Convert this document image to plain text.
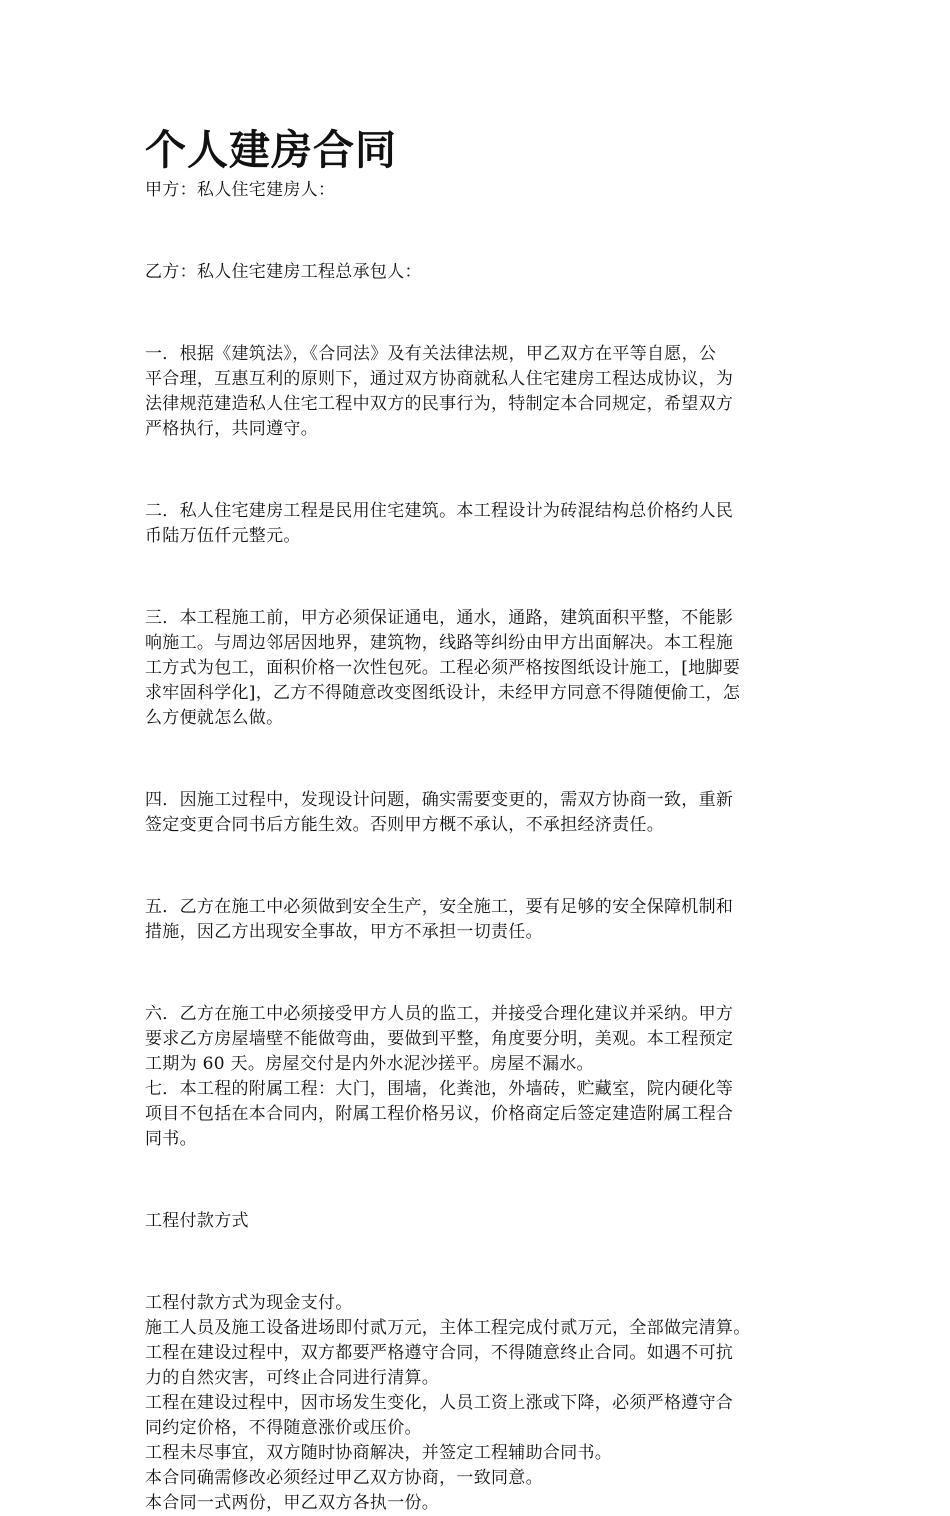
个人建房合同

甲方：私人住宅建房人：

乙方：私人住宅建房工程总承包人：

一．根据《建筑法》，《合同法》及有关法律法规，甲乙双方在平等自愿，公

平合理，互惠互利的原则下，通过双方协商就私人住宅建房工程达成协议，为

法律规范建造私人住宅工程中双方的民事行为，特制定本合同规定，希望双方

严格执行，共同遵守。

二．私人住宅建房工程是民用住宅建筑。本工程设计为砖混结构总价格约人民

币陆万伍仟元整元。

三．本工程施工前，甲方必须保证通电，通水，通路，建筑面积平整，不能影

响施工。与周边邻居因地界，建筑物，线路等纠纷由甲方出面解决。本工程施

工方式为包工，面积价格一次性包死。工程必须严格按图纸设计施工，[地脚要

求牢固科学化]，乙方不得随意改变图纸设计，未经甲方同意不得随便偷工，怎

么方便就怎么做。

四．因施工过程中，发现设计问题，确实需要变更的，需双方协商一致，重新

签定变更合同书后方能生效。否则甲方概不承认，不承担经济责任。

五．乙方在施工中必须做到安全生产，安全施工，要有足够的安全保障机制和

措施，因乙方出现安全事故，甲方不承担一切责任。

六．乙方在施工中必须接受甲方人员的监工，并接受合理化建议并采纳。甲方

要求乙方房屋墙壁不能做弯曲，要做到平整，角度要分明，美观。本工程预定

工期为 60 天。房屋交付是内外水泥沙搓平。房屋不漏水。

七．本工程的附属工程：大门，围墙，化粪池，外墙砖，贮藏室，院内硬化等

项目不包括在本合同内，附属工程价格另议，价格商定后签定建造附属工程合

同书。

工程付款方式

工程付款方式为现金支付。

施工人员及施工设备进场即付贰万元，主体工程完成付贰万元，全部做完清算。

工程在建设过程中，双方都要严格遵守合同，不得随意终止合同。如遇不可抗

力的自然灾害，可终止合同进行清算。

工程在建设过程中，因市场发生变化，人员工资上涨或下降，必须严格遵守合

同约定价格，不得随意涨价或压价。

工程未尽事宜，双方随时协商解决，并签定工程辅助合同书。

本合同确需修改必须经过甲乙双方协商，一致同意。

本合同一式两份，甲乙双方各执一份。
